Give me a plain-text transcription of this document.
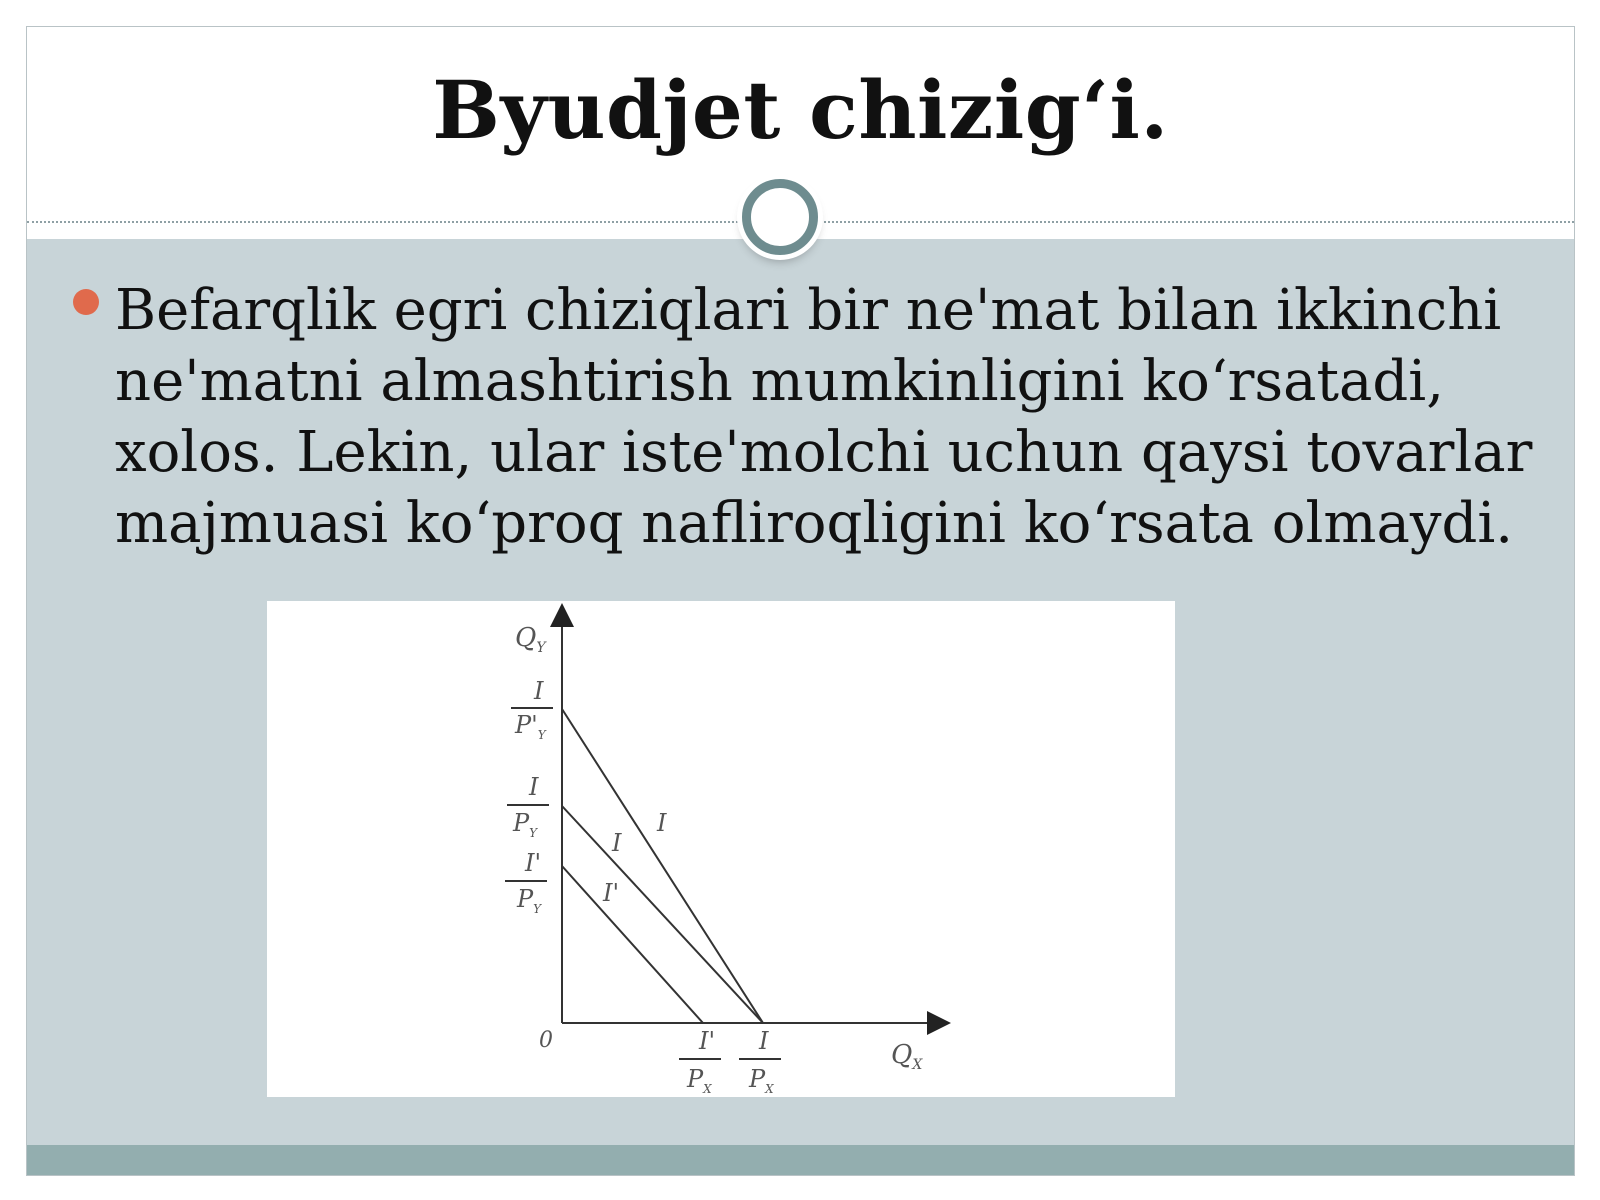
Byudjet chizig‘i.

Befarqlik egri chiziqlari bir ne'mat bilan ikkinchi ne'matni almashtirish mumkinligini ko‘rsatadi, xolos. Lekin, ular iste'molchi uchun qaysi tovarlar majmuasi ko‘proq nafliroqligini ko‘rsata olmaydi.

$Q_Y$
$Q_X$
0
I
$P'_Y$
I
$P_Y$
I'
$P_Y$
I'
$P_X$
I
$P_X$
I
I
I'
